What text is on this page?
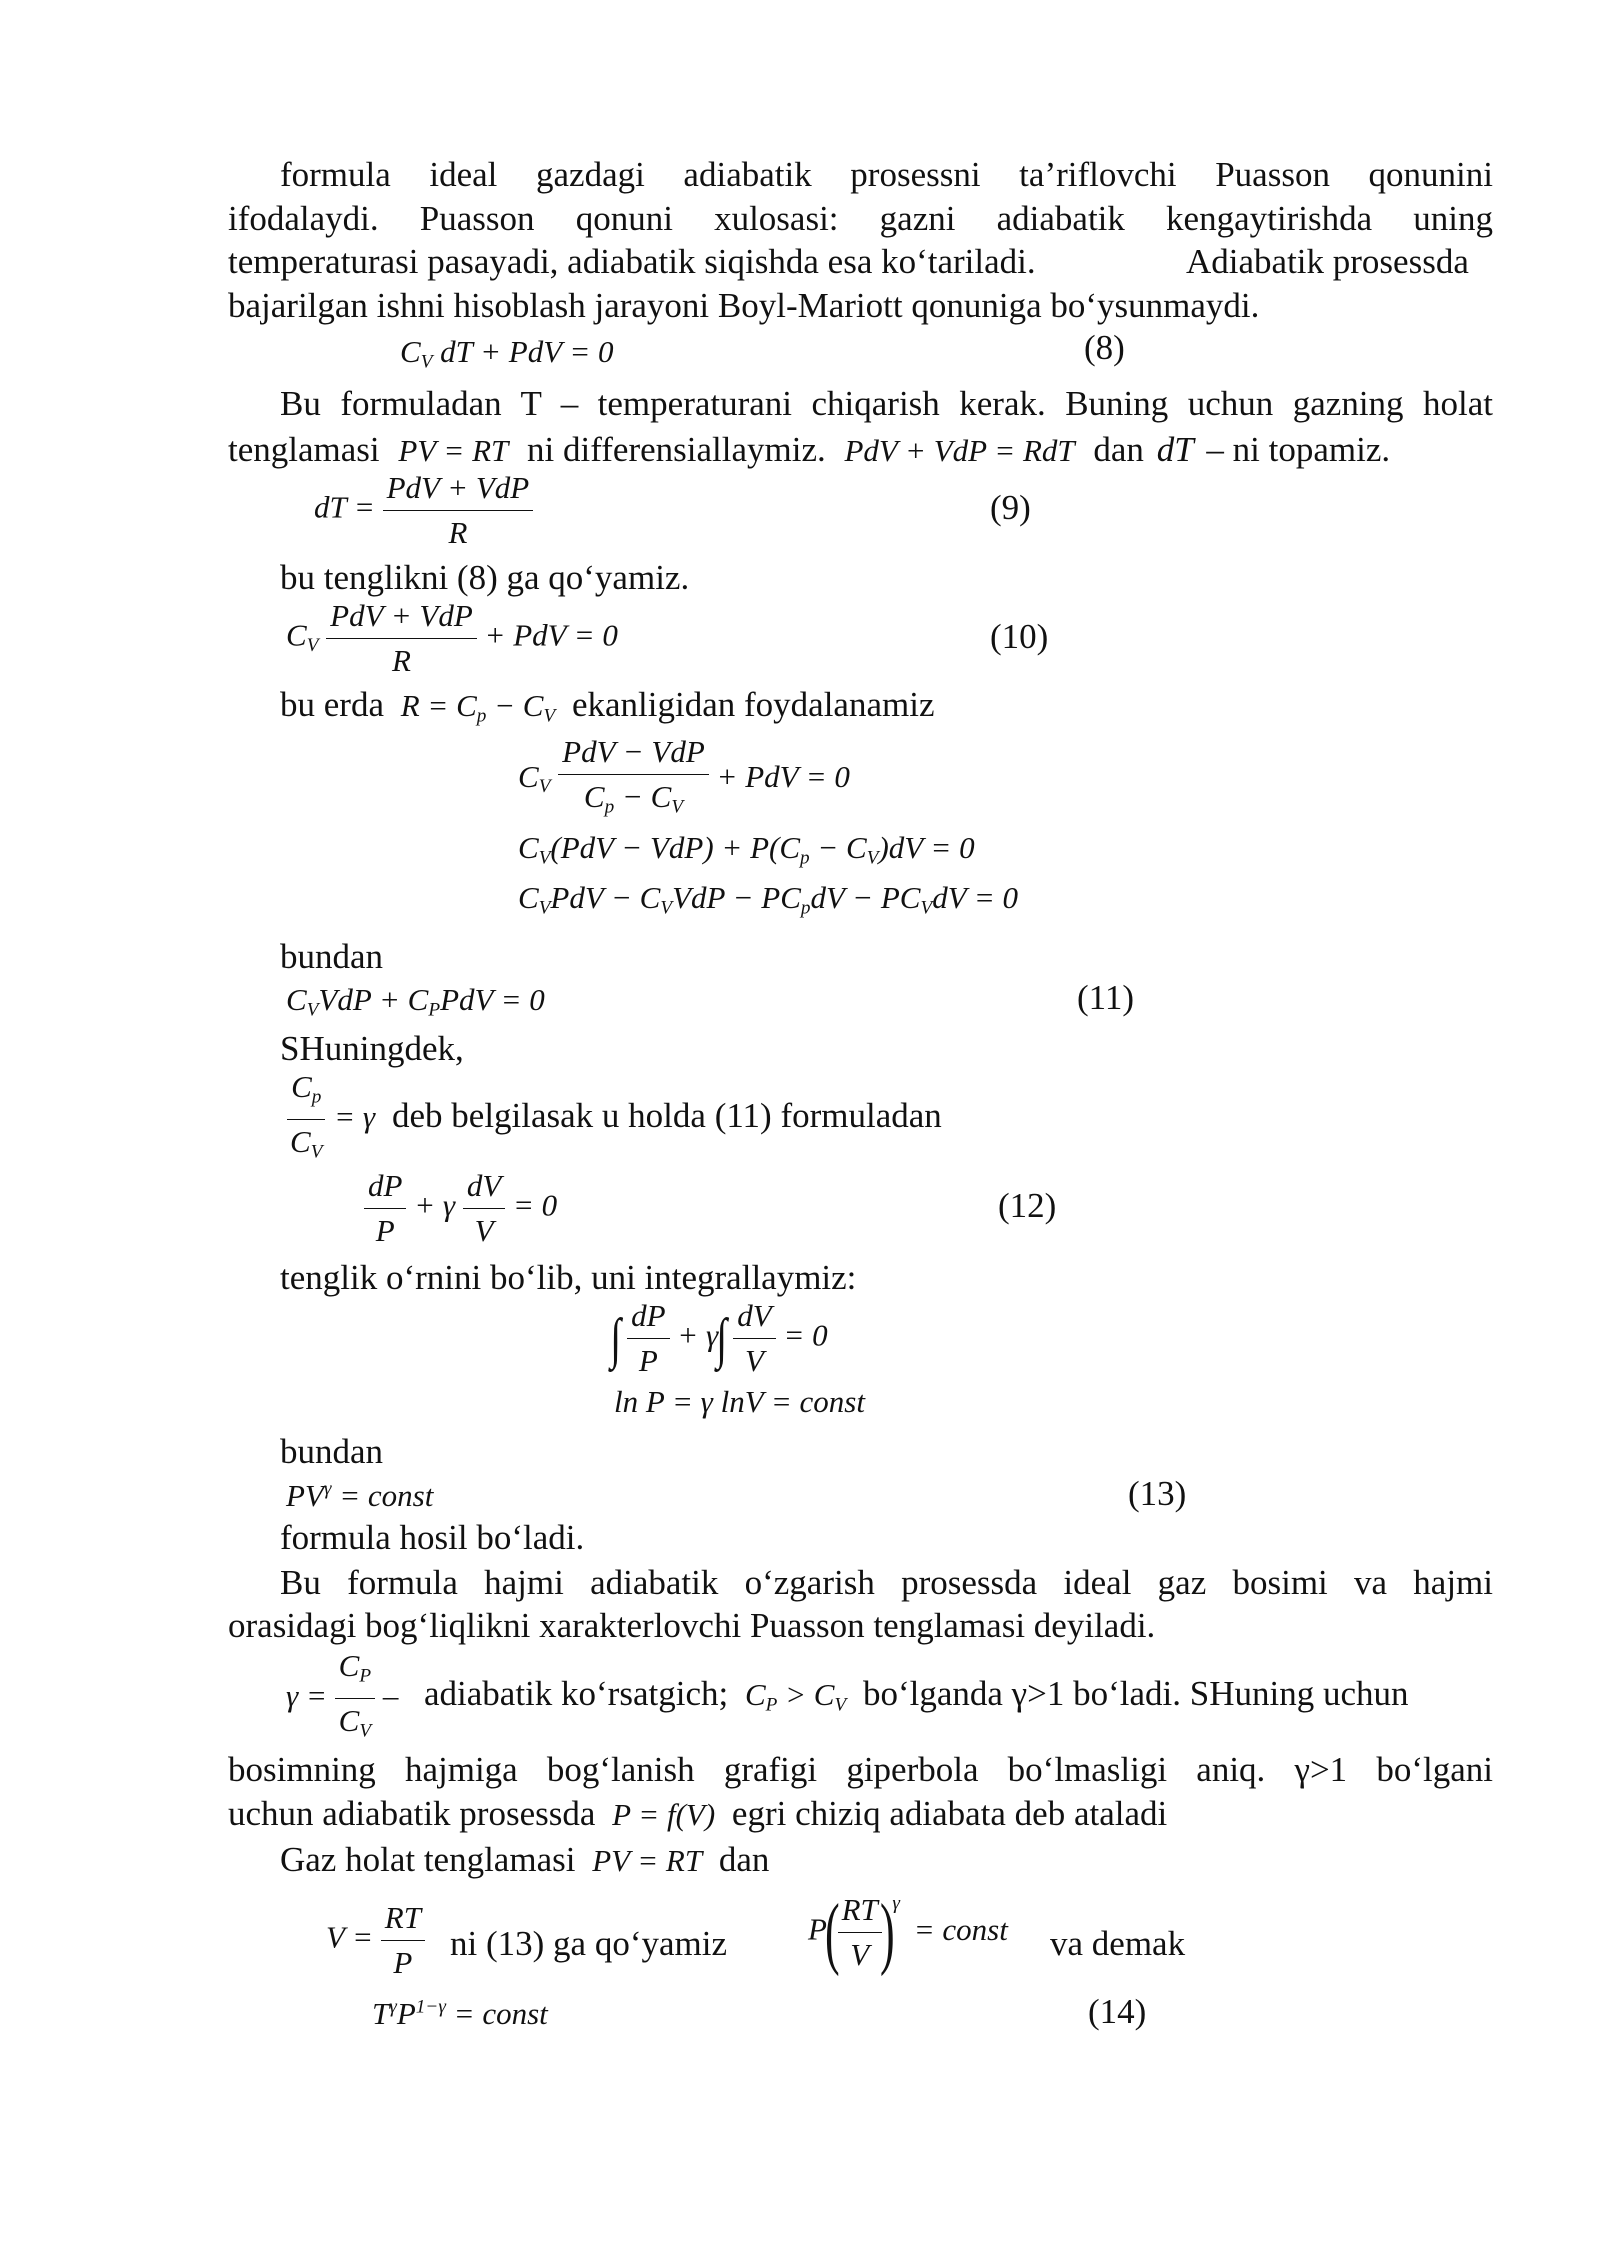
formula ideal gazdagi adiabatik prosessni ta’riflovchi Puasson qonunini
ifodalaydi. Puasson qonuni xulosasi: gazni adiabatik kengaytirishda uning
temperaturasi pasayadi, adiabatik siqishda esa ko‘tariladi.	Adiabatik prosessda
bajarilgan ishni hisoblash jarayoni Boyl-Mariott qonuniga bo‘ysunmaydi.
$C_V$ dT + PdV = 0	(8)
Bu formuladan T – temperaturani chiqarish kerak. Buning uchun gazning holat
tenglamasi PV = RT ni differensiallaymiz. PdV + VdP = RdT dan dT – ni topamiz.
dT = $\frac{\text{PdV + VdP}}{R}$	(9)
bu tenglikni (8) ga qo‘yamiz.
$C_V \frac{\text{PdV + VdP}}{R}$ + PdV = 0	(10)
bu erda $R = C_p - C_V$ ekanligidan foydalanamiz
$C_V \frac{\text{PdV − VdP}}{C_p - C_V}$ + PdV = 0
$C_V(PdV - VdP) + P(C_p - C_V)dV = 0$
$C_VPdV - C_VVdP - PC_pdV - PC_VdV = 0$
bundan
$C_VVdP + C_PPdV = 0$	(11)
SHuningdek,
$\frac{C_p}{C_V} = \gamma$ deb belgilasak u holda (11) formuladan
$\frac{dP}{P} + \gamma \frac{dV}{V} = 0$	(12)
tenglik o‘rnini bo‘lib, uni integrallaymiz:
∫ $\frac{dP}{P} + \gamma\int \frac{dV}{V} = 0$
ln P = γ lnV = const
bundan
$PV^\gamma$ = const	(13)
formula hosil bo‘ladi.
Bu formula hajmi adiabatik o‘zgarish prosessda ideal gaz bosimi va hajmi
orasidagi bog‘liqlikni xarakterlovchi Puasson tenglamasi deyiladi.
$\gamma = \frac{C_P}{C_V}$ – adiabatik ko‘rsatgich; $C_P > C_V$ bo‘lganda γ>1 bo‘ladi. SHuning uchun
bosimning hajmiga bog‘lanish grafigi giperbola bo‘lmasligi aniq. γ>1 bo‘lgani
uchun adiabatik prosessda P = f(V) egri chiziq adiabata deb ataladi
Gaz holat tenglamasi PV = RT dan
$V = \frac{RT}{P}$ ni (13) ga qo‘yamiz	P(
$\frac{RT}{V}$
)$^\gamma$ = const va demak
$T^\gamma P^{1-\gamma}$ = const	(14)
